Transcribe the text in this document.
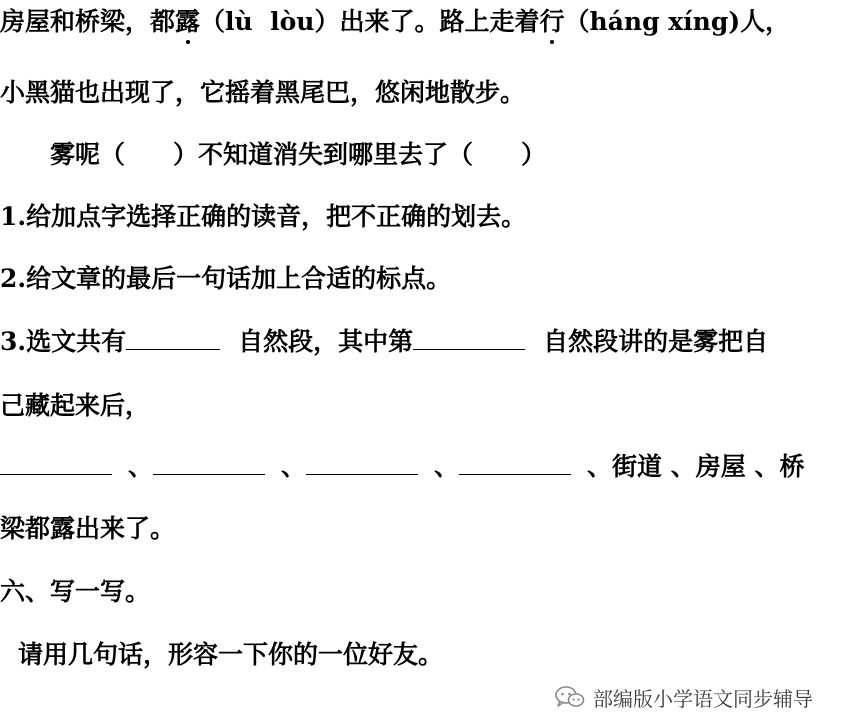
房屋和桥梁，都露（lù  lòu）出来了。路上走着行（háng xíng)人，
小黑猫也出现了，它摇着黑尾巴，悠闲地散步。
雾呢（ ）不知道消失到哪里去了（ ）
1.给加点字选择正确的读音，把不正确的划去。
2.给文章的最后一句话加上合适的标点。
3.选文共有	自然段，其中第	自然段讲的是雾把自
己藏起来后，
、	、	、	、街道 、房屋 、桥
梁都露出来了。
六、写一写。
请用几句话，形容一下你的一位好友。
部编版小学语文同步辅导
